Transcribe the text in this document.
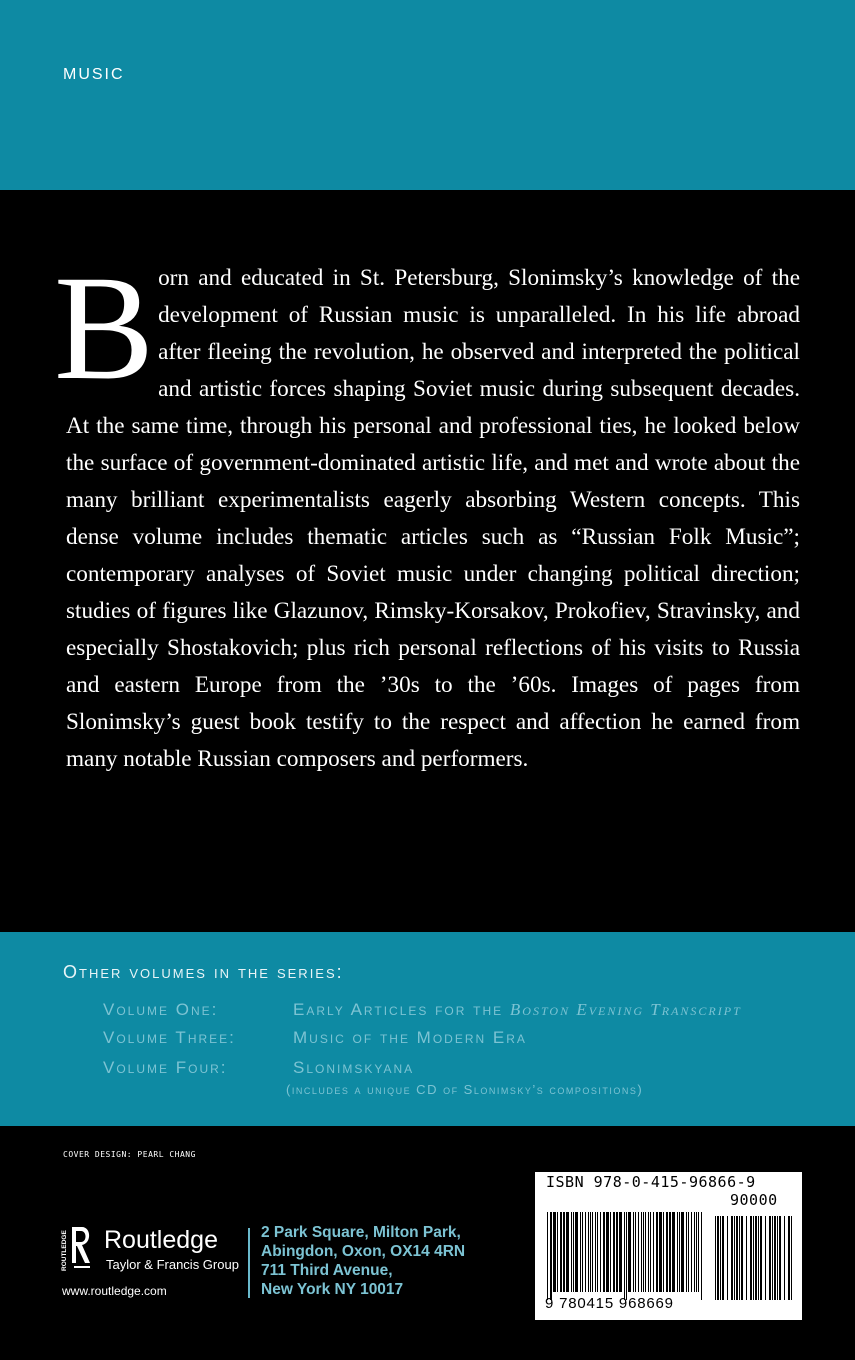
MUSIC

Born and educated in St. Petersburg, Slonimsky’s knowledge of the development of Russian music is unparalleled. In his life abroad after fleeing the revolution, he observed and interpreted the political and artistic forces shaping Soviet music during subsequent decades. At the same time, through his personal and professional ties, he looked below the surface of government-dominated artistic life, and met and wrote about the many brilliant experimentalists eagerly absorbing Western concepts. This dense volume includes thematic articles such as “Russian Folk Music”; contemporary analyses of Soviet music under changing political direction; studies of figures like Glazunov, Rimsky-Korsakov, Prokofiev, Stravinsky, and especially Shostakovich; plus rich personal reflections of his visits to Russia and eastern Europe from the ’30s to the ’60s. Images of pages from Slonimsky’s guest book testify to the respect and affection he earned from many notable Russian composers and performers.

Other volumes in the series:
Volume One:	Early Articles for the Boston Evening Transcript
Volume Three:	Music of the Modern Era
Volume Four:	Slonimskyana
(includes a unique CD of Slonimsky’s compositions)
COVER DESIGN: PEARL CHANG
ROUTLEDGE Routledge
Taylor & Francis Group
www.routledge.com
2 Park Square, Milton Park,
Abingdon, Oxon, OX14 4RN
711 Third Avenue,
New York NY 10017
ISBN 978-0-415-96866-9
90000
9 780415 968669
